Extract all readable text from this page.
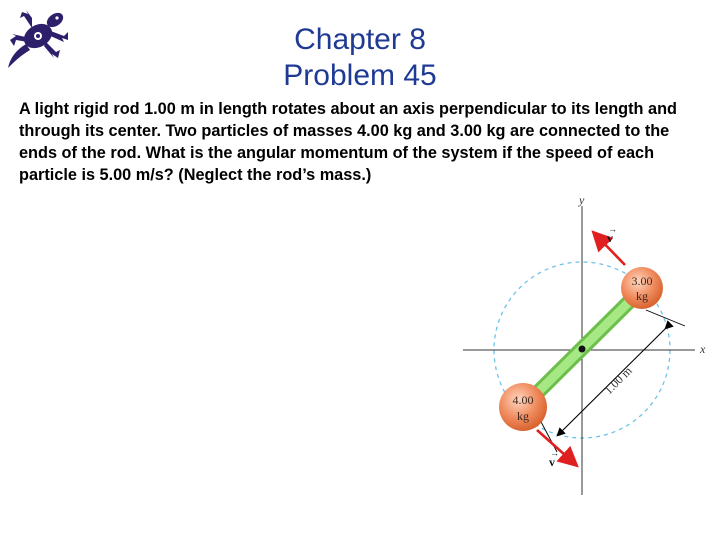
Chapter 8
Problem 45
A light rigid rod 1.00 m in length rotates about an axis perpendicular to its length and through its center. Two particles of masses 4.00 kg and 3.00 kg are connected to the ends of the rod. What is the angular momentum of the system if the speed of each particle is 5.00 m/s? (Neglect the rod’s mass.)
y
x
1.00 m
v
→
v
→
3.00
kg
4.00
kg
